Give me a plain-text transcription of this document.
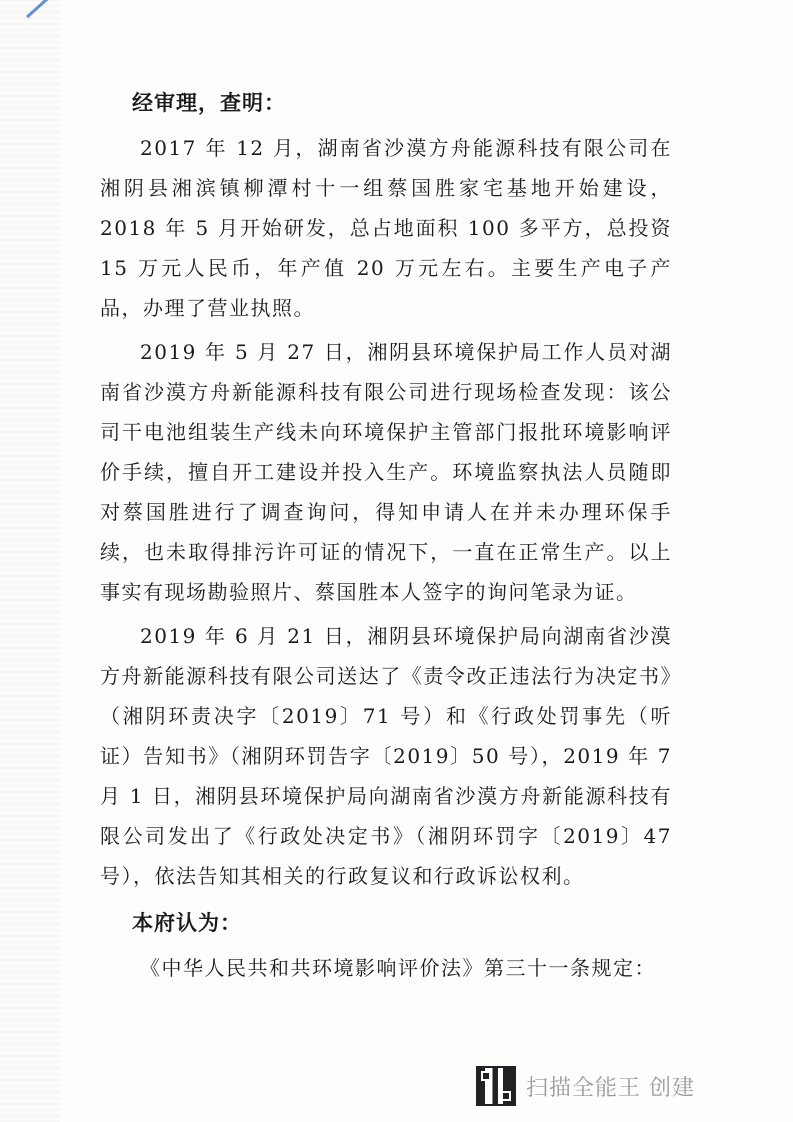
经审理，查明：

2017 年 12 月，湖南省沙漠方舟能源科技有限公司在湘阴县湘滨镇柳潭村十一组蔡国胜家宅基地开始建设，2018 年 5 月开始研发，总占地面积 100 多平方，总投资 15 万元人民币，年产值 20 万元左右。主要生产电子产品，办理了营业执照。

2019 年 5 月 27 日，湘阴县环境保护局工作人员对湖南省沙漠方舟新能源科技有限公司进行现场检查发现：该公司干电池组装生产线未向环境保护主管部门报批环境影响评价手续，擅自开工建设并投入生产。环境监察执法人员随即对蔡国胜进行了调查询问，得知申请人在并未办理环保手续，也未取得排污许可证的情况下，一直在正常生产。以上事实有现场勘验照片、蔡国胜本人签字的询问笔录为证。

2019 年 6 月 21 日，湘阴县环境保护局向湖南省沙漠方舟新能源科技有限公司送达了《责令改正违法行为决定书》（湘阴环责决字〔2019〕71 号）和《行政处罚事先（听证）告知书》（湘阴环罚告字〔2019〕50 号），2019 年 7 月 1 日，湘阴县环境保护局向湖南省沙漠方舟新能源科技有限公司发出了《行政处决定书》（湘阴环罚字〔2019〕47 号），依法告知其相关的行政复议和行政诉讼权利。

本府认为：

《中华人民共和共环境影响评价法》第三十一条规定：

扫描全能王 创建
